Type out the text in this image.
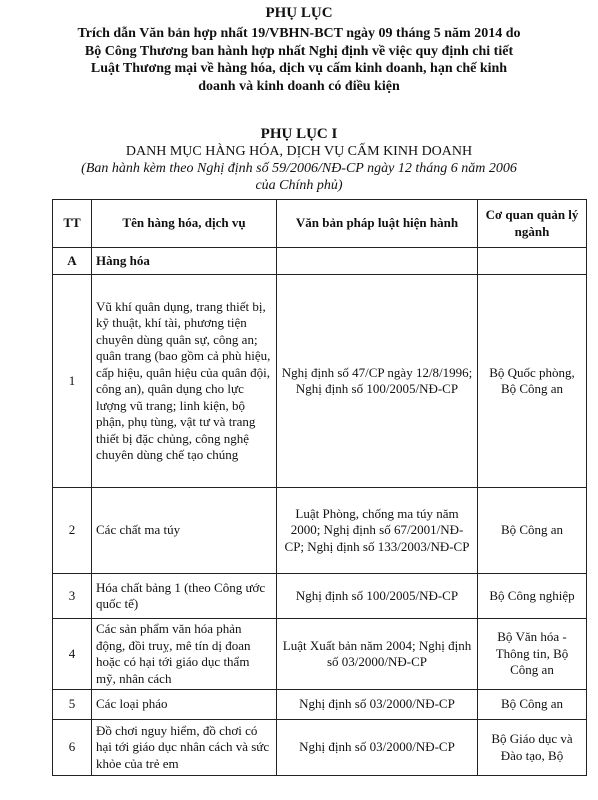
PHỤ LỤC
Trích dẫn Văn bản hợp nhất 19/VBHN-BCT ngày 09 tháng 5 năm 2014 do
Bộ Công Thương ban hành hợp nhất Nghị định về việc quy định chi tiết
Luật Thương mại về hàng hóa, dịch vụ cấm kinh doanh, hạn chế kinh
doanh và kinh doanh có điều kiện
PHỤ LỤC I
DANH MỤC HÀNG HÓA, DỊCH VỤ CẤM KINH DOANH
(Ban hành kèm theo Nghị định số 59/2006/NĐ-CP ngày 12 tháng 6 năm 2006
của Chính phủ)
TT	Tên hàng hóa, dịch vụ	Văn bản pháp luật hiện hành	Cơ quan quản lý ngành
A	Hàng hóa		
1	Vũ khí quân dụng, trang thiết bị, kỹ thuật, khí tài, phương tiện chuyên dùng quân sự, công an; quân trang (bao gồm cả phù hiệu, cấp hiệu, quân hiệu của quân đội, công an), quân dụng cho lực lượng vũ trang; linh kiện, bộ phận, phụ tùng, vật tư và trang thiết bị đặc chủng, công nghệ chuyên dùng chế tạo chúng	Nghị định số 47/CP ngày 12/8/1996; Nghị định số 100/2005/NĐ-CP	Bộ Quốc phòng, Bộ Công an
2	Các chất ma túy	Luật Phòng, chống ma túy năm 2000; Nghị định số 67/2001/NĐ-CP; Nghị định số 133/2003/NĐ-CP	Bộ Công an
3	Hóa chất bảng 1 (theo Công ước quốc tế)	Nghị định số 100/2005/NĐ-CP	Bộ Công nghiệp
4	Các sản phẩm văn hóa phản động, đồi truỵ, mê tín dị đoan hoặc có hại tới giáo dục thẩm mỹ, nhân cách	Luật Xuất bản năm 2004; Nghị định số 03/2000/NĐ-CP	Bộ Văn hóa - Thông tin, Bộ Công an
5	Các loại pháo	Nghị định số 03/2000/NĐ-CP	Bộ Công an
6	Đồ chơi nguy hiểm, đồ chơi có hại tới giáo dục nhân cách và sức khỏe của trẻ em	Nghị định số 03/2000/NĐ-CP	Bộ Giáo dục và Đào tạo, Bộ
